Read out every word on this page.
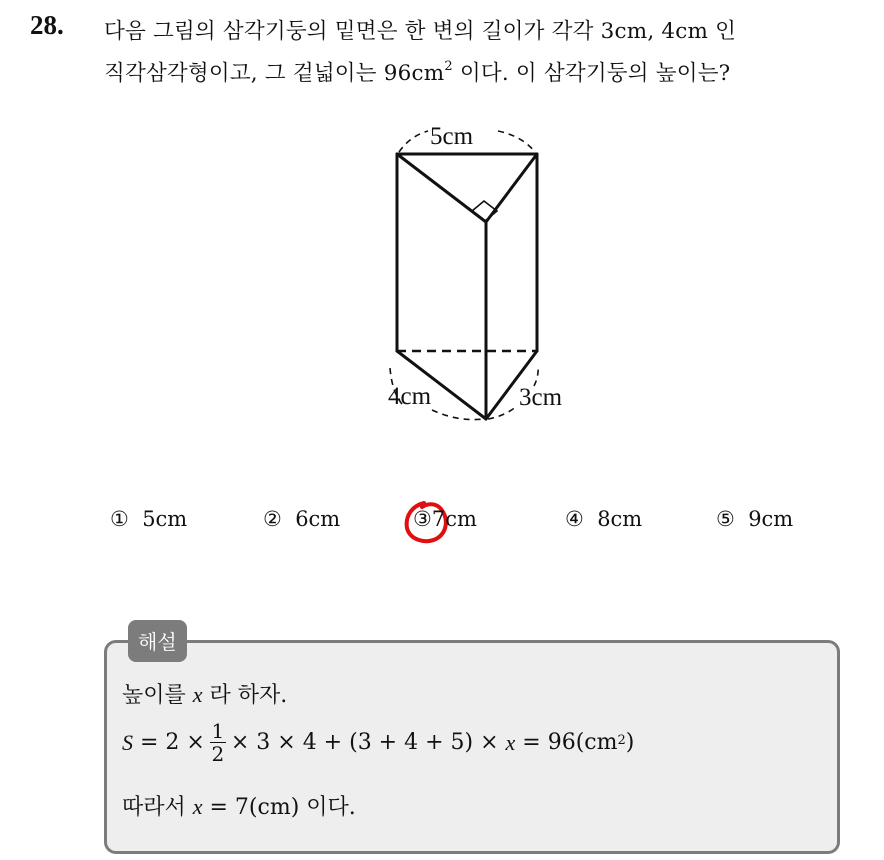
28. 다음 그림의 삼각기둥의 밑면은 한 변의 길이가 각각 3cm, 4cm 인
직각삼각형이고, 그 겉넓이는 $96cm^2$ 이다. 이 삼각기둥의 높이는?
5cm
4cm	3cm
① 5cm	② 6cm	③7cm	④ 8cm	⑤ 9cm
해설
높이를 x 라 하자.
$S = 2 \times \frac{1}{2} \times 3 \times 4 + (3 + 4 + 5)$ ×
$x = 96(cm^2$ )
따라서 x = 7(cm) 이다.
